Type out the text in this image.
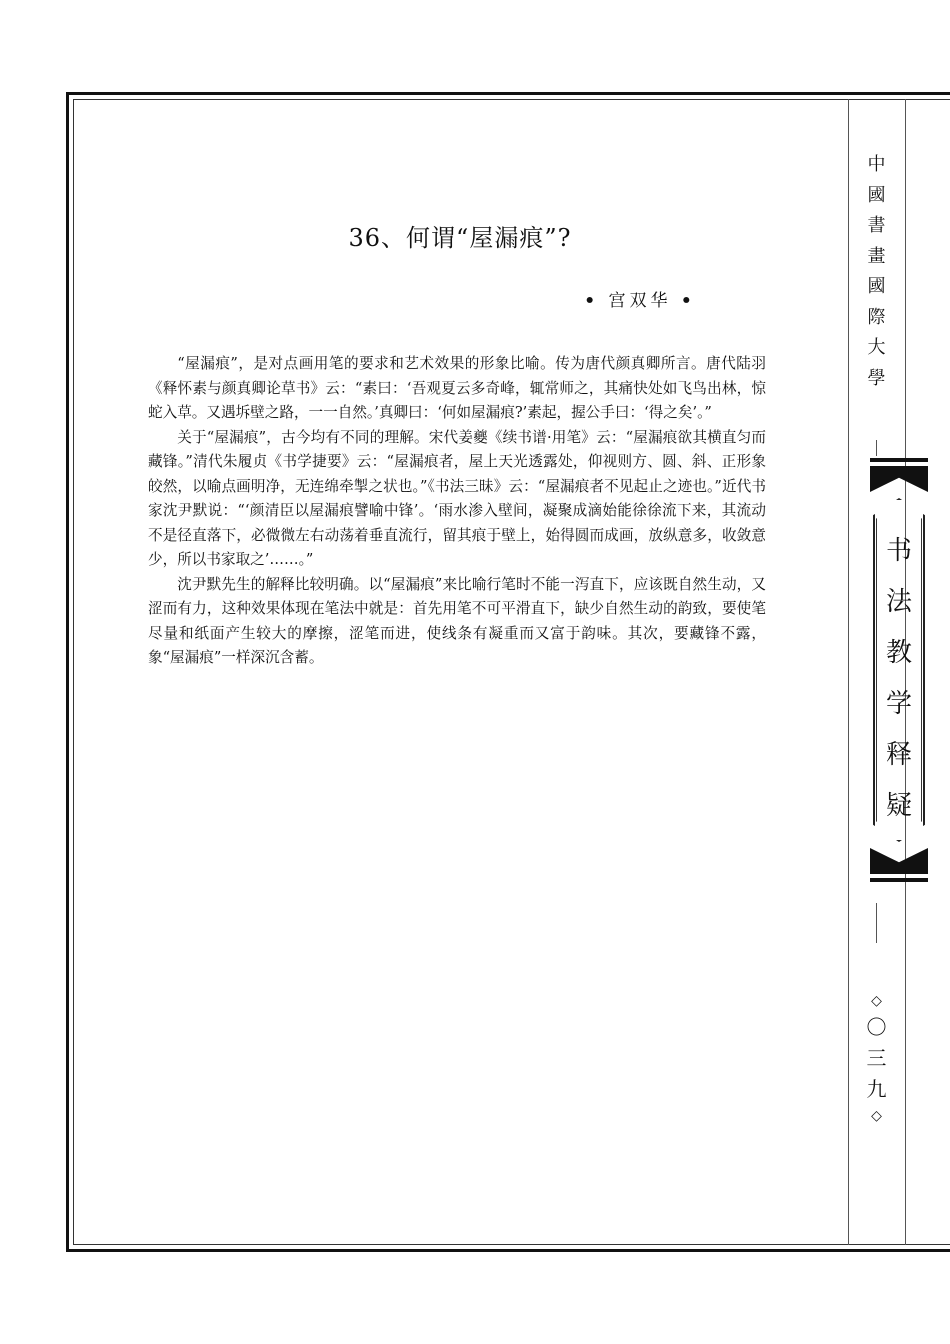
36、何谓“屋漏痕”?
• 宫双华 •

“屋漏痕”，是对点画用笔的要求和艺术效果的形象比喻。传为唐代颜真卿所言。唐代陆羽《释怀素与颜真卿论草书》云：“素曰：‘吾观夏云多奇峰，辄常师之，其痛快处如飞鸟出林，惊蛇入草。又遇坼壁之路，一一自然。’真卿曰：‘何如屋漏痕?’素起，握公手曰：‘得之矣’。”

关于“屋漏痕”，古今均有不同的理解。宋代姜夔《续书谱·用笔》云：“屋漏痕欲其横直匀而藏锋。”清代朱履贞《书学捷要》云：“屋漏痕者，屋上天光透露处，仰视则方、圆、斜、正形象皎然，以喻点画明净，无连绵牵掣之状也。”《书法三昧》云：“屋漏痕者不见起止之迹也。”近代书家沈尹默说：“‘颜清臣以屋漏痕譬喻中锋’。‘雨水渗入壁间，凝聚成滴始能徐徐流下来，其流动不是径直落下，必微微左右动荡着垂直流行，留其痕于壁上，始得圆而成画，放纵意多，收敛意少，所以书家取之’……。”

沈尹默先生的解释比较明确。以“屋漏痕”来比喻行笔时不能一泻直下，应该既自然生动，又涩而有力，这种效果体现在笔法中就是：首先用笔不可平滑直下，缺少自然生动的韵致，要使笔尽量和纸面产生较大的摩擦，涩笔而进，使线条有凝重而又富于韵味。其次，要藏锋不露，象“屋漏痕”一样深沉含蓄。

中
國
書
畫
國
際
大
學
书
法
教
学
释
疑
◇
〇
三
九
◇
